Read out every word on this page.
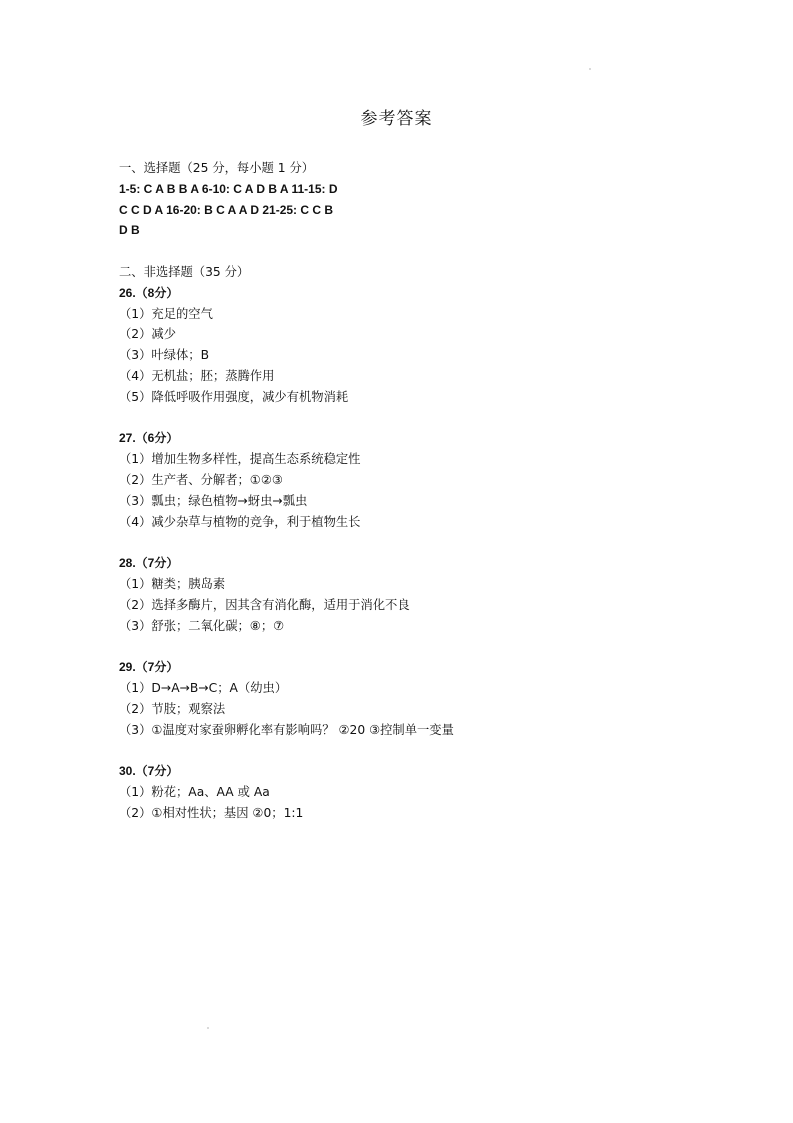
参考答案
一、选择题（25 分，每小题 1 分）
1-5: C A B B A 6-10: C A D B A 11-15: D
C C D A 16-20: B C A A D 21-25: C C B
D B
二、非选择题（35 分）
26.（8分）
（1）充足的空气
（2）减少
（3）叶绿体；B
（4）无机盐；胚；蒸腾作用
（5）降低呼吸作用强度，减少有机物消耗
27.（6分）
（1）增加生物多样性，提高生态系统稳定性
（2）生产者、分解者；①②③
（3）瓢虫；绿色植物→蚜虫→瓢虫
（4）减少杂草与植物的竞争，利于植物生长
28.（7分）
（1）糖类；胰岛素
（2）选择多酶片，因其含有消化酶，适用于消化不良
（3）舒张；二氧化碳；⑧；⑦
29.（7分）
（1）D→A→B→C；A（幼虫）
（2）节肢；观察法
（3）①温度对家蚕卵孵化率有影响吗？ ②20 ③控制单一变量
30.（7分）
（1）粉花；Aa、AA 或 Aa
（2）①相对性状；基因 ②0；1:1
